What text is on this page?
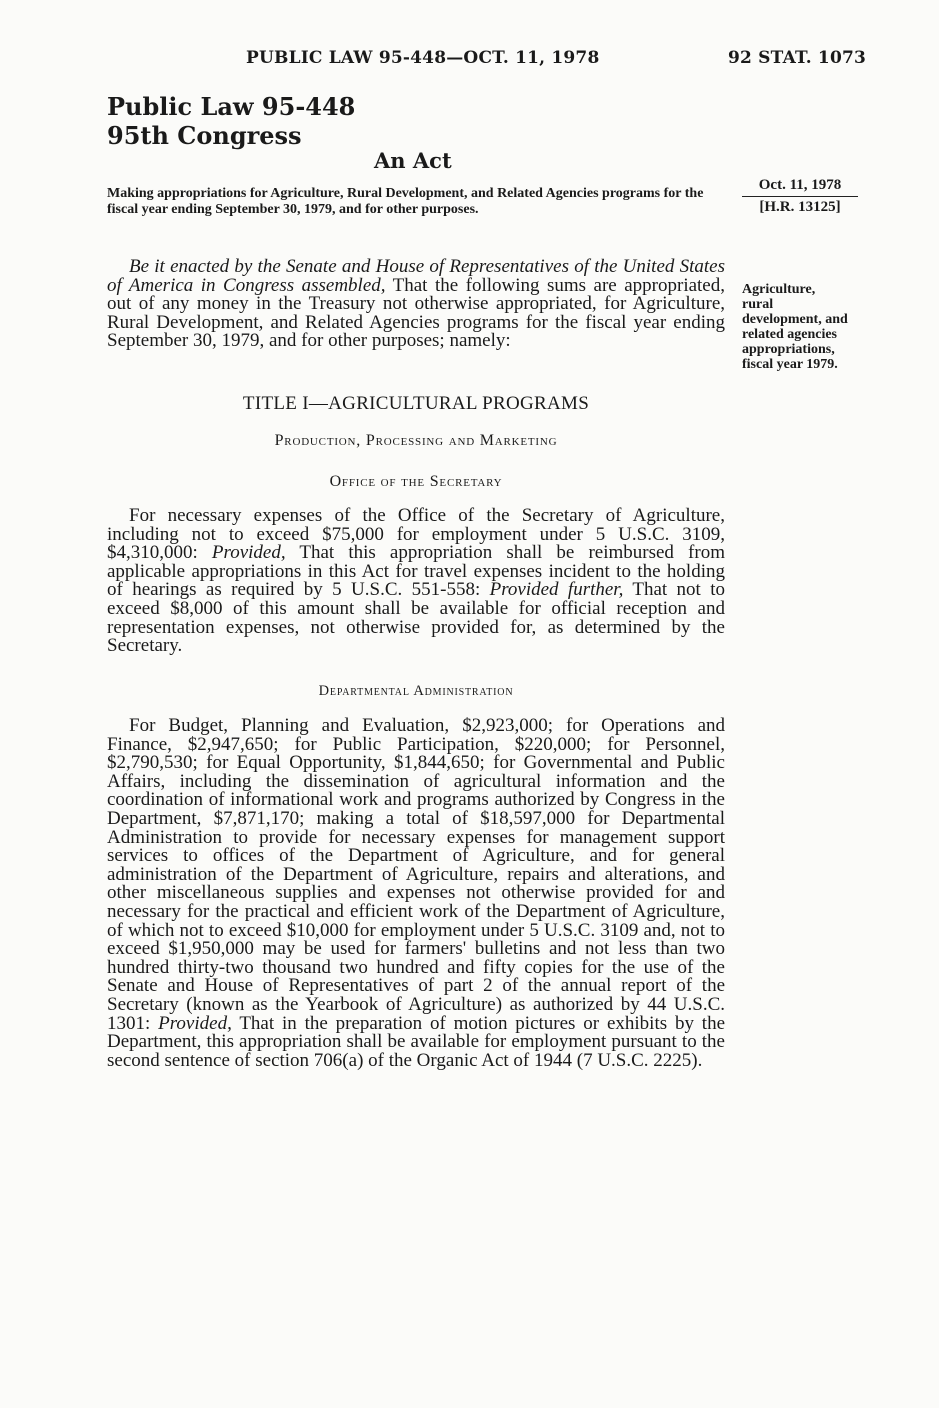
PUBLIC LAW 95-448—OCT. 11, 1978	92 STAT. 1073
Public Law 95-448
95th Congress
An Act
Making appropriations for Agriculture, Rural Development, and Related Agencies programs for the fiscal year ending September 30, 1979, and for other purposes.
Oct. 11, 1978
[H.R. 13125]
Agriculture,
rural
development, and
related agencies
appropriations,
fiscal year 1979.

Be it enacted by the Senate and House of Representatives of the United States of America in Congress assembled, That the following sums are appropriated, out of any money in the Treasury not otherwise appropriated, for Agriculture, Rural Development, and Related Agencies programs for the fiscal year ending September 30, 1979, and for other purposes; namely:

TITLE I—AGRICULTURAL PROGRAMS
Production, Processing and Marketing
Office of the Secretary

For necessary expenses of the Office of the Secretary of Agriculture, including not to exceed $75,000 for employment under 5 U.S.C. 3109, $4,310,000: Provided, That this appropriation shall be reimbursed from applicable appropriations in this Act for travel expenses incident to the holding of hearings as required by 5 U.S.C. 551-558: Provided further, That not to exceed $8,000 of this amount shall be available for official reception and representation expenses, not otherwise provided for, as determined by the Secretary.

Departmental Administration

For Budget, Planning and Evaluation, $2,923,000; for Operations and Finance, $2,947,650; for Public Participation, $220,000; for Personnel, $2,790,530; for Equal Opportunity, $1,844,650; for Governmental and Public Affairs, including the dissemination of agricultural information and the coordination of informational work and programs authorized by Congress in the Department, $7,871,170; making a total of $18,597,000 for Departmental Administration to provide for necessary expenses for management support services to offices of the Department of Agriculture, and for general administration of the Department of Agriculture, repairs and alterations, and other miscellaneous supplies and expenses not otherwise provided for and necessary for the practical and efficient work of the Department of Agriculture, of which not to exceed $10,000 for employment under 5 U.S.C. 3109 and, not to exceed $1,950,000 may be used for farmers' bulletins and not less than two hundred thirty-two thousand two hundred and fifty copies for the use of the Senate and House of Representatives of part 2 of the annual report of the Secretary (known as the Yearbook of Agriculture) as authorized by 44 U.S.C. 1301: Provided, That in the preparation of motion pictures or exhibits by the Department, this appropriation shall be available for employment pursuant to the second sentence of section 706(a) of the Organic Act of 1944 (7 U.S.C. 2225).
